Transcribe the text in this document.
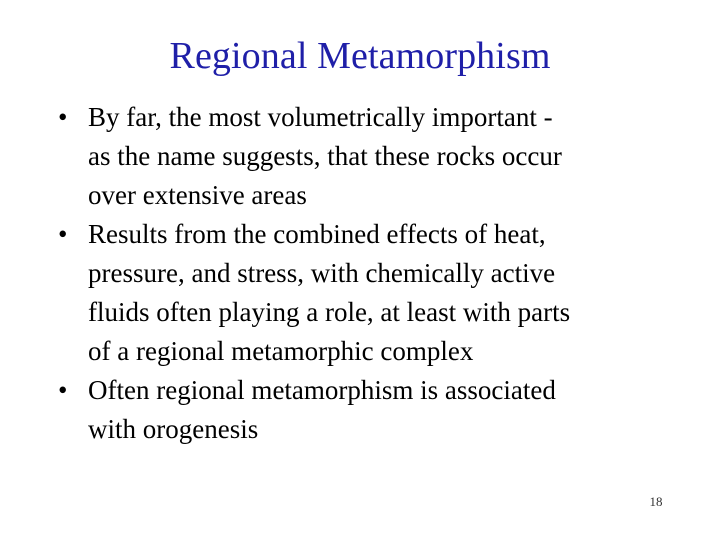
Regional Metamorphism
• By far, the most volumetrically important -
as the name suggests, that these rocks occur
over extensive areas
• Results from the combined effects of heat,
pressure, and stress, with chemically active
fluids often playing a role, at least with parts
of a regional metamorphic complex
• Often regional metamorphism is associated
with orogenesis
18
